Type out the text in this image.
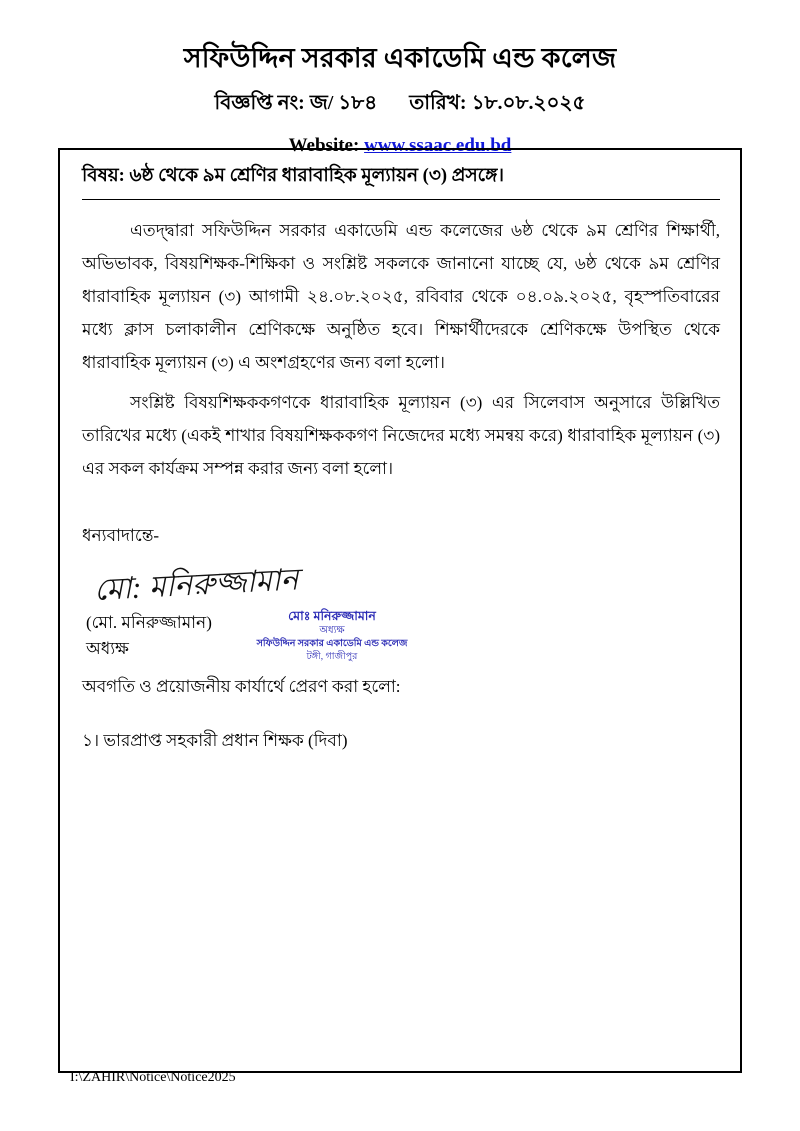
সফিউদ্দিন সরকার একাডেমি এন্ড কলেজ
বিজ্ঞপ্তি নং: জ/ ১৮৪ তারিখ: ১৮.০৮.২০২৫
Website: www.ssaac.edu.bd
বিষয়: ৬ষ্ঠ থেকে ৯ম শ্রেণির ধারাবাহিক মূল্যায়ন (৩) প্রসঙ্গে।

এতদ্দ্বারা সফিউদ্দিন সরকার একাডেমি এন্ড কলেজের ৬ষ্ঠ থেকে ৯ম শ্রেণির শিক্ষার্থী, অভিভাবক, বিষয়শিক্ষক-শিক্ষিকা ও সংশ্লিষ্ট সকলকে জানানো যাচ্ছে যে, ৬ষ্ঠ থেকে ৯ম শ্রেণির ধারাবাহিক মূল্যায়ন (৩) আগামী ২৪.০৮.২০২৫, রবিবার থেকে ০৪.০৯.২০২৫, বৃহস্পতিবারের মধ্যে ক্লাস চলাকালীন শ্রেণিকক্ষে অনুষ্ঠিত হবে। শিক্ষার্থীদেরকে শ্রেণিকক্ষে উপস্থিত থেকে ধারাবাহিক মূল্যায়ন (৩) এ অংশগ্রহণের জন্য বলা হলো।

সংশ্লিষ্ট বিষয়শিক্ষককগণকে ধারাবাহিক মূল্যায়ন (৩) এর সিলেবাস অনুসারে উল্লিখিত তারিখের মধ্যে (একই শাখার বিষয়শিক্ষককগণ নিজেদের মধ্যে সমন্বয় করে) ধারাবাহিক মূল্যায়ন (৩) এর সকল কার্যক্রম সম্পন্ন করার জন্য বলা হলো।

ধন্যবাদান্তে-
মো: মনিরুজ্জামান
(মো. মনিরুজ্জামান)
অধ্যক্ষ
মোঃ মনিরুজ্জামান
অধ্যক্ষ
সফিউদ্দিন সরকার একাডেমি এন্ড কলেজ
টঙ্গী, গাজীপুর
অবগতি ও প্রয়োজনীয় কার্যার্থে প্রেরণ করা হলো:
১। ভারপ্রাপ্ত সহকারী প্রধান শিক্ষক (দিবা)
I:\ZAHIR\Notice\Notice2025
